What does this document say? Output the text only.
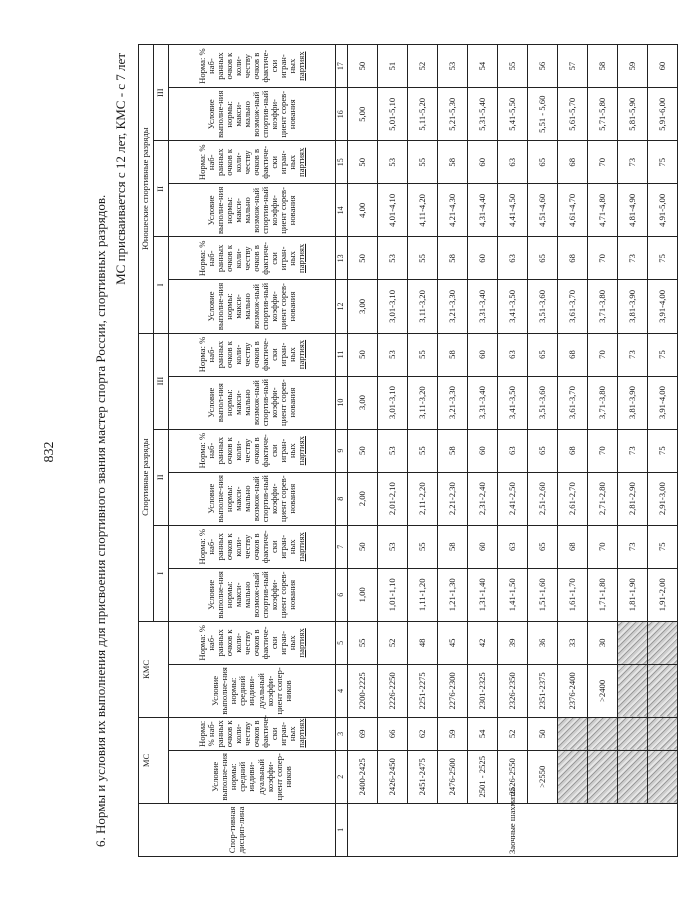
832	6. Нормы и условия их выполнения для присвоения спортивного звания мастер спорта России, спортивных разрядов.
МС присваивается с 12 лет, КМС - с 7 лет
Спор-тивная дисцип-лина	МС		КМС		Спортивные разряды						Юношеские спортивные разряды					
					I		II		III		I		II		III	
	Условие выполне-ния нормы: средний индиви-дуальный коэффи-циент сопер-ников	Норма: % наб-ранных очков к коли-честву очков в фактиче-ски игран-ных партиях	Условие выполне-ния нормы: средний индиви-дуальный коэффи-циент сопер-ников	Норма: % наб-ранных очков к коли-честву очков в фактиче-ски игран-ных партиях	Условие выполне-ния нормы: макси-мально возмож-ный спортив-ный коэффи-циент сорев-нования	Норма: % наб-ранных очков к коли-честву очков в фактиче-ски игран-ных партиях	Условие выполне-ния нормы: макси-мально возмож-ный спортив-ный коэффи-циент сорев-нования	Норма: % наб-ранных очков к коли-честву очков в фактиче-ски игран-ных партиях	Условие выпол-ния нормы: макси-мально возмож-ный спортив-ный коэффи-циент сорев-нования	Норма: % наб-ранных очков к коли-честву очков в фактиче-ски игран-ных партиях	Условие выполне-ния нормы: макси-мально возмож-ный спортив-ный коэффи-циент сорев-нования	Норма: % наб-ранных очков к коли-честву очков в фактиче-ски игран-ных партиях	Условие выполне-ния нормы: макси-мально возмож-ный спортив-ный коэффи-циент сорев-нования	Норма: % наб-ранных очков к коли-честву очков в фактиче-ски игран-ных партиях	Условие выполне-ния нормы: макси-мально возмож-ный спортив-ный коэффи-циент сорев-нования	Норма: % наб-ранных очков к коли-честву очков в фактиче-ски игран-ных партиях
1	2	3	4	5	6	7	8	9	10	11	12	13	14	15	16	17
Заочные шахматы	2400-2425	69	2200-2225	55	1,00	50	2,00	50	3,00	50	3,00	50	4,00	50	5,00	50
	2426-2450	66	2226-2250	52	1,01-1,10	53	2,01-2,10	53	3,01-3,10	53	3,01-3,10	53	4,01-4,10	53	5,01-5,10	51
	2451-2475	62	2251-2275	48	1,11-1,20	55	2,11-2,20	55	3,11-3,20	55	3,11-3,20	55	4,11-4,20	55	5,11-5,20	52
	2476-2500	59	2276-2300	45	1,21-1,30	58	2,21-2,30	58	3,21-3,30	58	3,21-3,30	58	4,21-4,30	58	5,21-5,30	53
	2501 - 2525	54	2301-2325	42	1,31-1,40	60	2,31-2,40	60	3,31-3,40	60	3,31-3,40	60	4,31-4,40	60	5,31-5,40	54
	2526-2550	52	2326-2350	39	1,41-1,50	63	2,41-2,50	63	3,41-3,50	63	3,41-3,50	63	4,41-4,50	63	5,41-5,50	55
	>2550	50	2351-2375	36	1,51-1,60	65	2,51-2,60	65	3,51-3,60	65	3,51-3,60	65	4,51-4,60	65	5,51 - 5,60	56
			2376-2400	33	1,61-1,70	68	2,61-2,70	68	3,61-3,70	68	3,61-3,70	68	4,61-4,70	68	5,61-5,70	57
			>2400	30	1,71-1,80	70	2,71-2,80	70	3,71-3,80	70	3,71-3,80	70	4,71-4,80	70	5,71-5,80	58
					1,81-1,90	73	2,81-2,90	73	3,81-3,90	73	3,81-3,90	73	4,81-4,90	73	5,81-5,90	59
					1,91-2,00	75	2,91-3,00	75	3,91-4,00	75	3,91-4,00	75	4,91-5,00	75	5,91-6,00	60
